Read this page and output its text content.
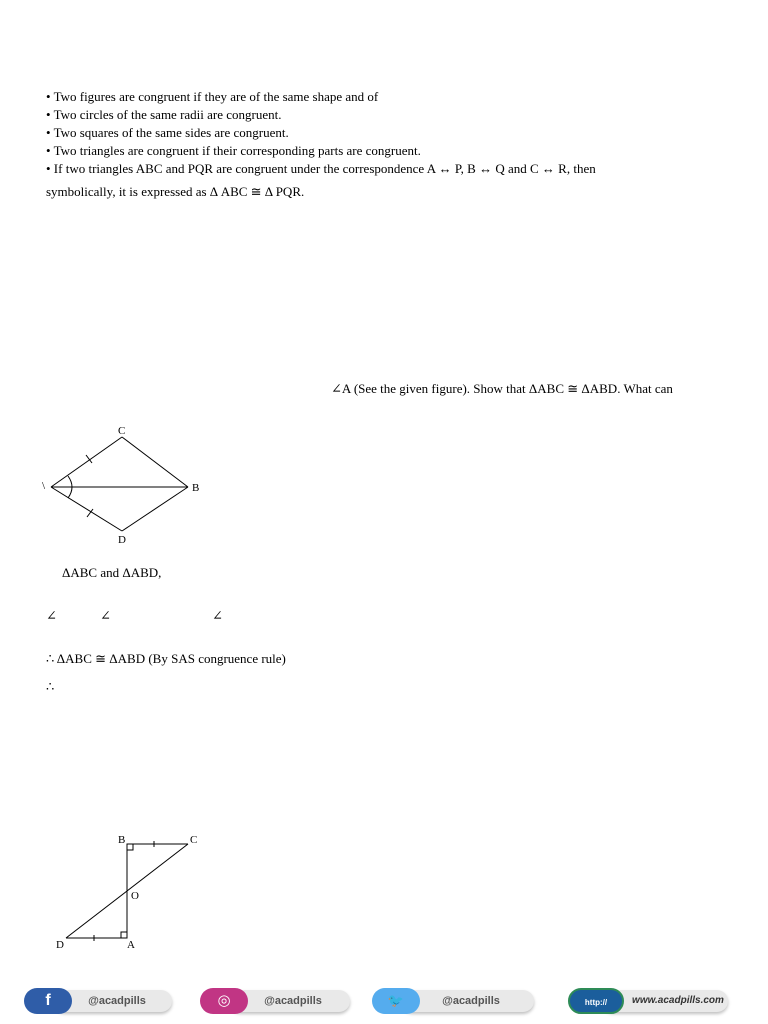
• Two figures are congruent if they are of the same shape and of
• Two circles of the same radii are congruent.
• Two squares of the same sides are congruent.
• Two triangles are congruent if their corresponding parts are congruent.
• If two triangles ABC and PQR are congruent under the correspondence A ↔ P, B ↔ Q and C ↔ R, then
symbolically, it is expressed as Δ ABC ≅ Δ PQR.
∠A (See the given figure). Show that ΔABC ≅ ΔABD. What can
C
B
D
\
ΔABC and ΔABD,
∠	∠	∠
∴ ΔABC ≅ ΔABD (By SAS congruence rule)
∴
B	C
O
D	A
f	@acadpills	◎	@acadpills	🐦	@acadpills	http://	www.acadpills.com
